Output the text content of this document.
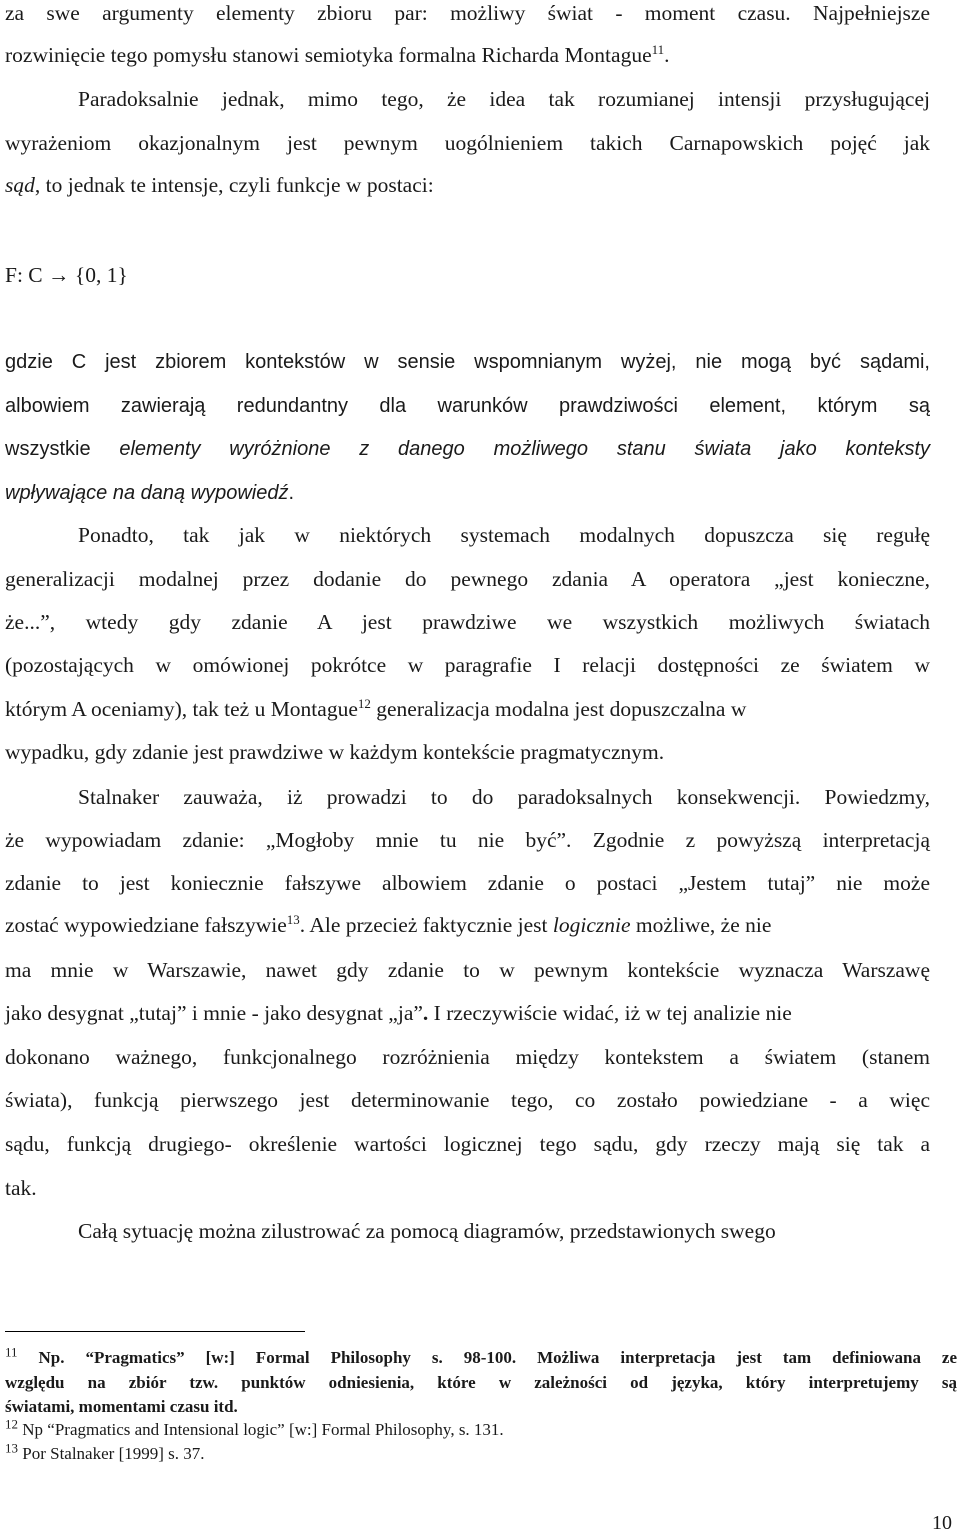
za swe argumenty elementy zbioru par: możliwy świat - moment czasu. Najpełniejsze
rozwinięcie tego pomysłu stanowi semiotyka formalna Richarda Montague$^{11}$.
Paradoksalnie jednak, mimo tego, że idea tak rozumianej intensji przysługującej
wyrażeniom okazjonalnym jest pewnym uogólnieniem takich Carnapowskich pojęć jak
sąd, to jednak te intensje, czyli funkcje w postaci:
F: C → {0, 1}
gdzie C jest zbiorem kontekstów w sensie wspomnianym wyżej, nie mogą być sądami,
albowiem zawierają redundantny dla warunków prawdziwości element, którym są
wszystkie elementy wyróżnione z danego możliwego stanu świata jako konteksty
wpływające na daną wypowiedź.
Ponadto, tak jak w niektórych systemach modalnych dopuszcza się regułę
generalizacji modalnej przez dodanie do pewnego zdania A operatora „jest konieczne,
że...”, wtedy gdy zdanie A jest prawdziwe we wszystkich możliwych światach
(pozostających w omówionej pokrótce w paragrafie I relacji dostępności ze światem w
którym A oceniamy), tak też u Montague$^{12}$ generalizacja modalna jest dopuszczalna w
wypadku, gdy zdanie jest prawdziwe w każdym kontekście pragmatycznym.
Stalnaker zauważa, iż prowadzi to do paradoksalnych konsekwencji. Powiedzmy,
że wypowiadam zdanie: „Mogłoby mnie tu nie być”. Zgodnie z powyższą interpretacją
zdanie to jest koniecznie fałszywe albowiem zdanie o postaci „Jestem tutaj” nie może
zostać wypowiedziane fałszywie$^{13}$. Ale przecież faktycznie jest logicznie możliwe, że nie
ma mnie w Warszawie, nawet gdy zdanie to w pewnym kontekście wyznacza Warszawę
jako desygnat „tutaj” i mnie - jako desygnat „ja”. I rzeczywiście widać, iż w tej analizie nie
dokonano ważnego, funkcjonalnego rozróżnienia między kontekstem a światem (stanem
świata), funkcją pierwszego jest determinowanie tego, co zostało powiedziane - a więc
sądu, funkcją drugiego- określenie wartości logicznej tego sądu, gdy rzeczy mają się tak a
tak.
Całą sytuację można zilustrować za pomocą diagramów, przedstawionych swego
$^{11}$ Np. “Pragmatics” [w:] Formal Philosophy s. 98-100. Możliwa interpretacja jest tam definiowana ze
względu na zbiór tzw. punktów odniesienia, które w zależności od języka, który interpretujemy są
światami, momentami czasu itd.
$^{12}$ Np “Pragmatics and Intensional logic” [w:] Formal Philosophy, s. 131.
$^{13}$ Por Stalnaker [1999] s. 37.
10
